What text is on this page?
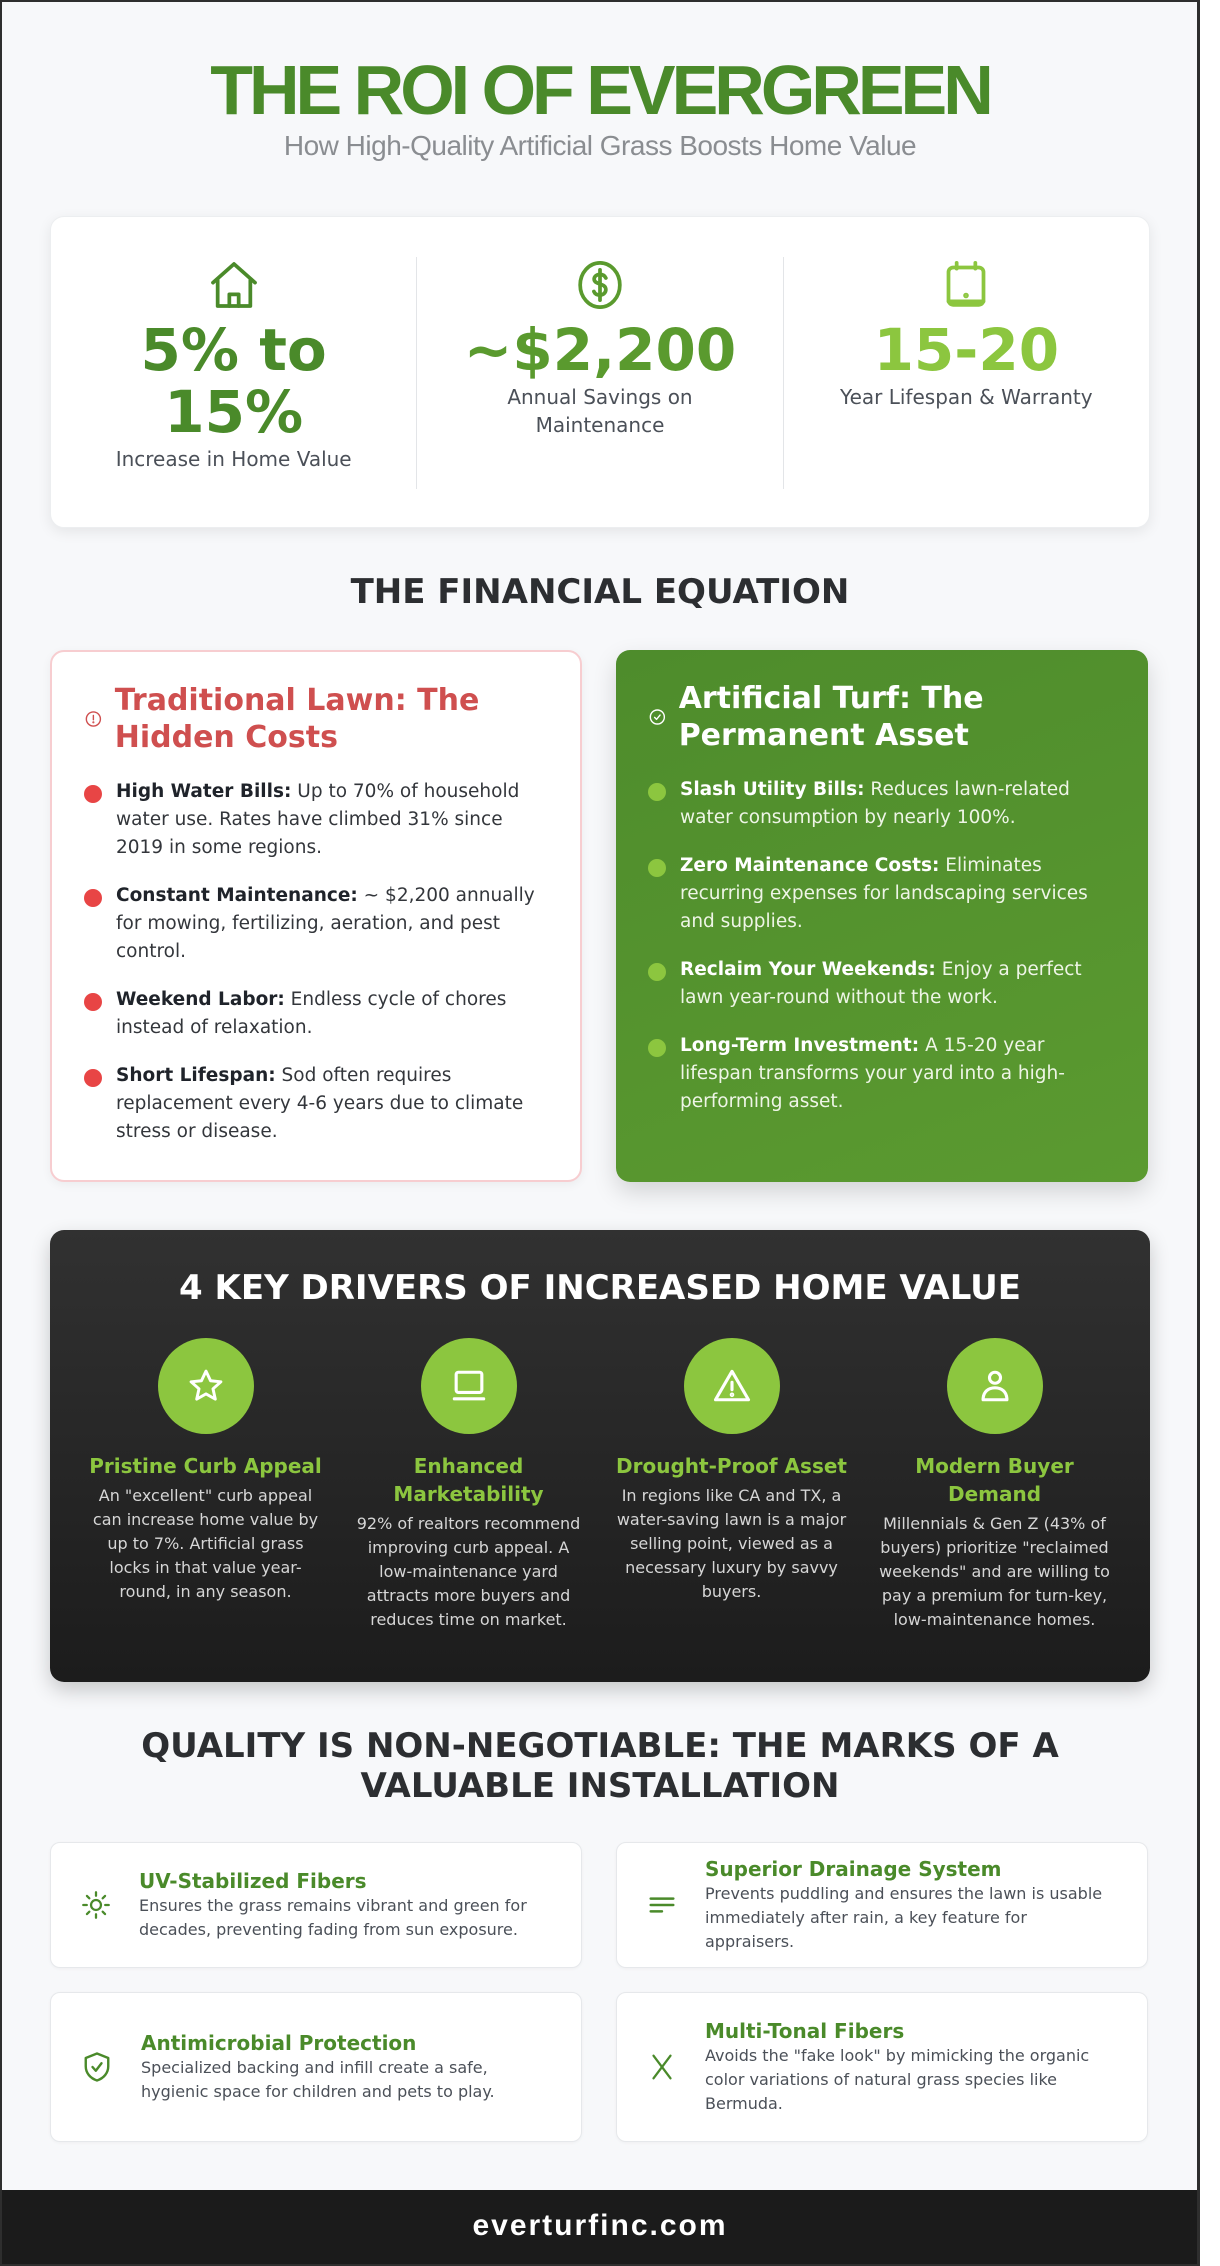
THE ROI OF EVERGREEN
How High-Quality Artificial Grass Boosts Home Value
5% to 15%
Increase in Home Value
~$2,200
Annual Savings on Maintenance
15-20
Year Lifespan & Warranty
THE FINANCIAL EQUATION
Traditional Lawn: The Hidden Costs
High Water Bills: Up to 70% of household water use. Rates have climbed 31% since 2019 in some regions.
Constant Maintenance: ~ $2,200 annually for mowing, fertilizing, aeration, and pest control.
Weekend Labor: Endless cycle of chores instead of relaxation.
Short Lifespan: Sod often requires replacement every 4-6 years due to climate stress or disease.
Artificial Turf: The Permanent Asset
Slash Utility Bills: Reduces lawn-related water consumption by nearly 100%.
Zero Maintenance Costs: Eliminates recurring expenses for landscaping services and supplies.
Reclaim Your Weekends: Enjoy a perfect lawn year-round without the work.
Long-Term Investment: A 15-20 year lifespan transforms your yard into a high-performing asset.
4 KEY DRIVERS OF INCREASED HOME VALUE
Pristine Curb Appeal

An "excellent" curb appeal can increase home value by up to 7%. Artificial grass locks in that value year-round, in any season.

Enhanced Marketability

92% of realtors recommend improving curb appeal. A low-maintenance yard attracts more buyers and reduces time on market.

Drought-Proof Asset

In regions like CA and TX, a water-saving lawn is a major selling point, viewed as a necessary luxury by savvy buyers.

Modern Buyer Demand

Millennials & Gen Z (43% of buyers) prioritize "reclaimed weekends" and are willing to pay a premium for turn-key, low-maintenance homes.

QUALITY IS NON-NEGOTIABLE: THE MARKS OF A VALUABLE INSTALLATION
UV-Stabilized Fibers

Ensures the grass remains vibrant and green for decades, preventing fading from sun exposure.

Superior Drainage System

Prevents puddling and ensures the lawn is usable immediately after rain, a key feature for appraisers.

Antimicrobial Protection

Specialized backing and infill create a safe, hygienic space for children and pets to play.

Multi-Tonal Fibers

Avoids the "fake look" by mimicking the organic color variations of natural grass species like Bermuda.

everturfinc.com
